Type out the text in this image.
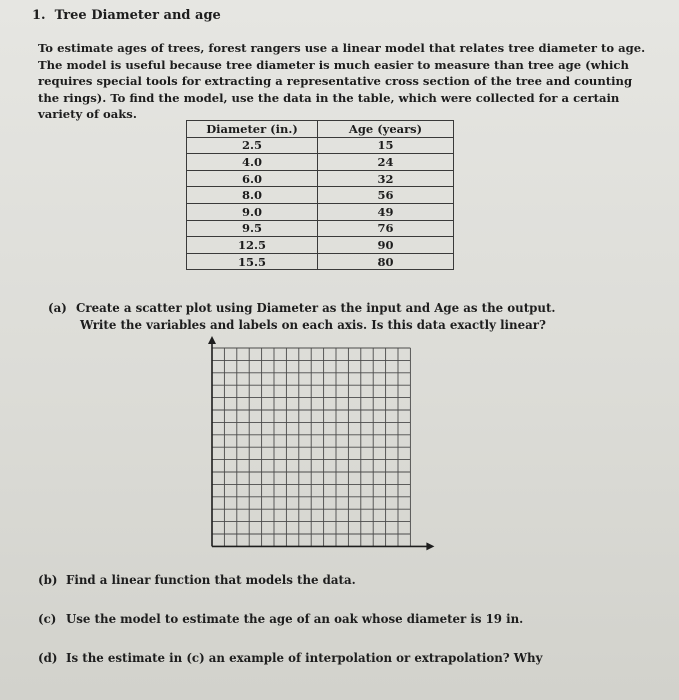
1. Tree Diameter and age
To estimate ages of trees, forest rangers use a linear model that relates tree diameter to age.
The model is useful because tree diameter is much easier to measure than tree age (which
requires special tools for extracting a representative cross section of the tree and counting
the rings). To find the model, use the data in the table, which were collected for a certain
variety of oaks.
Diameter (in.)	Age (years)
2.5	15
4.0	24
6.0	32
8.0	56
9.0	49
9.5	76
12.5	90
15.5	80
(a) Create a scatter plot using Diameter as the input and Age as the output.
Write the variables and labels on each axis. Is this data exactly linear?
(b) Find a linear function that models the data.
(c) Use the model to estimate the age of an oak whose diameter is 19 in.
(d) Is the estimate in (c) an example of interpolation or extrapolation? Why
